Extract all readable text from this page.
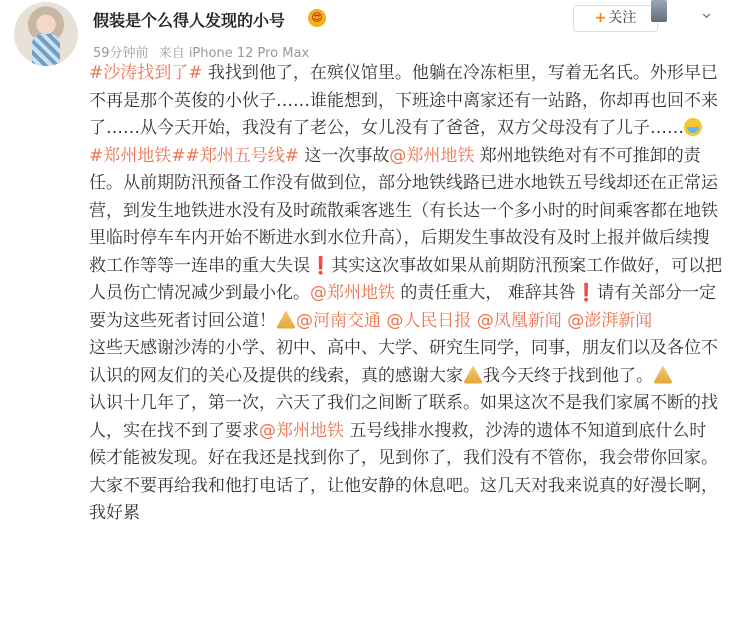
假装是个么得人发现的小号 😍
59分钟前 来自 iPhone 12 Pro Max
+ 关注	⌄

#沙涛找到了# 我找到他了，在殡仪馆里。他躺在冷冻柜里，写着无名氏。外形早已不再是那个英俊的小伙子……谁能想到，下班途中离家还有一站路，你却再也回不来了……从今天开始，我没有了老公，女儿没有了爸爸，双方父母没有了儿子……

#郑州地铁##郑州五号线# 这一次事故@郑州地铁 郑州地铁绝对有不可推卸的责任。从前期防汛预备工作没有做到位，部分地铁线路已进水地铁五号线却还在正常运营，到发生地铁进水没有及时疏散乘客逃生（有长达一个多小时的时间乘客都在地铁里临时停车车内开始不断进水到水位升高），后期发生事故没有及时上报并做后续搜救工作等等一连串的重大失误❗其实这次事故如果从前期防汛预案工作做好，可以把人员伤亡情况减少到最小化。@郑州地铁 的责任重大， 难辞其咎❗请有关部分一定要为这些死者讨回公道！ @河南交通 @人民日报 @凤凰新闻 @澎湃新闻

这些天感谢沙涛的小学、初中、高中、大学、研究生同学，同事，朋友们以及各位不认识的网友们的关心及提供的线索，真的感谢大家 我今天终于找到他了。

认识十几年了，第一次，六天了我们之间断了联系。如果这次不是我们家属不断的找人，实在找不到了要求@郑州地铁 五号线排水搜救，沙涛的遗体不知道到底什么时候才能被发现。好在我还是找到你了，见到你了，我们没有不管你，我会带你回家。大家不要再给我和他打电话了，让他安静的休息吧。这几天对我来说真的好漫长啊，我好累
